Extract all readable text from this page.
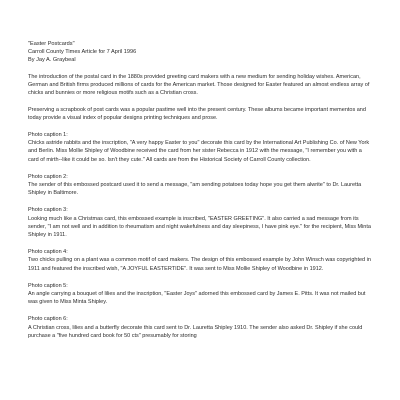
"Easter Postcards"

Carroll County Times Article for 7 April 1996

By Jay A. Graybeal

The introduction of the postal card in the 1880s provided greeting card makers with a new medium for sending holiday wishes. American, German and British firms produced millions of cards for the American market. Those designed for Easter featured an almost endless array of chicks and bunnies or more religious motifs such as a Christian cross.

Preserving a scrapbook of post cards was a popular pastime well into the present century. These albums became important mementos and today provide a visual index of popular designs printing techniques and prose.

Photo caption 1:

Chicks astride rabbits and the inscription, "A very happy Easter to you" decorate this card by the International Art Publishing Co. of New York and Berlin. Miss Mollie Shipley of Woodbine received the card from her sister Rebecca in 1912 with the message, "I remember you with a card of mirth--like it could be so. Isn't they cute." All cards are from the Historical Society of Carroll County collection.

Photo caption 2:

The sender of this embossed postcard used it to send a message, "am sending potatoes today hope you get them alwrite" to Dr. Lauretta Shipley in Baltimore.

Photo caption 3:

Looking much like a Christmas card, this embossed example is inscribed, "EASTER GREETING". It also carried a sad message from its sender, "I am not well and in addition to rheumatism and night wakefulness and day sleepiness, I have pink eye." for the recipient, Miss Minta Shipley in 1911.

Photo caption 4:

Two chicks pulling on a plant was a common motif of card makers. The design of this embossed example by John Winsch was copyrighted in 1911 and featured the inscribed wish, "A JOYFUL EASTERTIDE". It was sent to Miss Mollie Shipley of Woodbine in 1912.

Photo caption 5:

An angle carrying a bouquet of lilies and the inscription, "Easter Joys" adorned this embossed card by James E. Pitts. It was not mailed but was given to Miss Minta Shipley.

Photo caption 6:

A Christian cross, lilies and a butterfly decorate this card sent to Dr. Lauretta Shipley 1910. The sender also asked Dr. Shipley if she could purchase a "five hundred card book for 50 cts" presumably for storing
